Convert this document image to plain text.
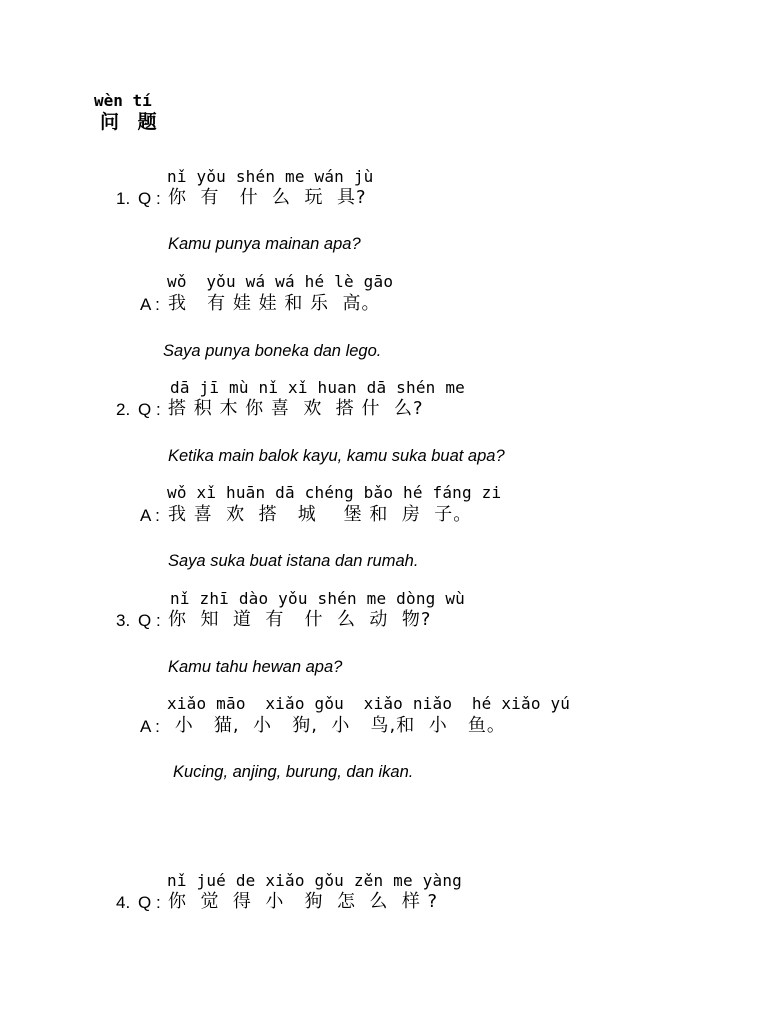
wèn tí
问 题
nǐ yǒu shén me wán jù
1. Q : 你  有   什  么  玩  具?
Kamu punya mainan apa?
wǒ  yǒu wá wá hé lè gāo
A : 我   有 娃 娃 和 乐  高。
Saya punya boneka dan lego.
dā jī mù nǐ xǐ huan dā shén me
2. Q : 搭 积 木 你 喜  欢  搭 什  么?
Ketika main balok kayu, kamu suka buat apa?
wǒ xǐ huān dā chéng bǎo hé fáng zi
A : 我 喜  欢  搭   城    堡 和  房  子。
Saya suka buat istana dan rumah.
nǐ zhī dào yǒu shén me dòng wù
3. Q : 你  知  道  有   什  么  动  物?
Kamu tahu hewan apa?
xiǎo māo  xiǎo gǒu  xiǎo niǎo  hé xiǎo yú
A : 小   猫,  小   狗,  小   鸟,和  小   鱼。
Kucing, anjing, burung, dan ikan.
nǐ jué de xiǎo gǒu zěn me yàng
4. Q : 你  觉  得  小   狗  怎  么  样 ?
